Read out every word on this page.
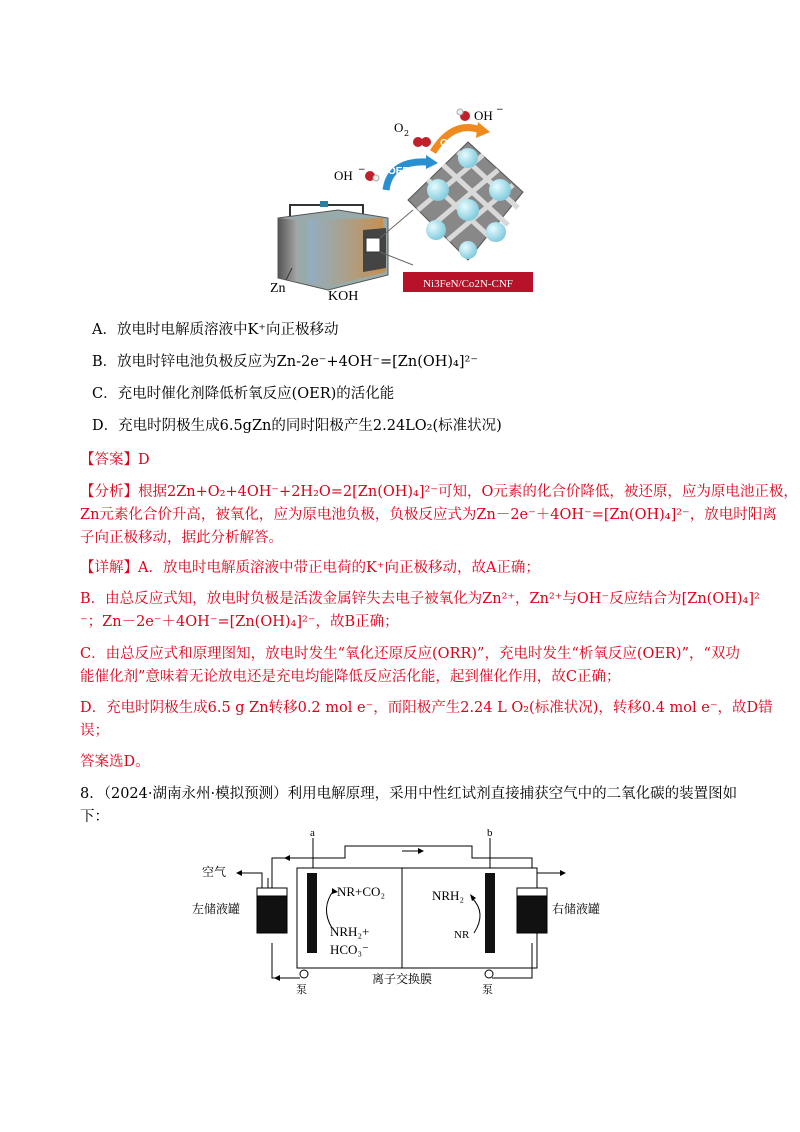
Ni3FeN/Co2N-CNF
OH −
O 2
OH −
ORR
OER
Zn
KOH
A．放电时电解质溶液中K⁺向正极移动
B．放电时锌电池负极反应为Zn-2e⁻+4OH⁻=[Zn(OH)₄]²⁻
C．充电时催化剂降低析氧反应(OER)的活化能
D．充电时阴极生成6.5gZn的同时阳极产生2.24LO₂(标准状况)
【答案】D
【分析】根据2Zn+O₂+4OH⁻+2H₂O=2[Zn(OH)₄]²⁻可知，O元素的化合价降低，被还原，应为原电池正极，
Zn元素化合价升高，被氧化，应为原电池负极，负极反应式为Zn－2e⁻＋4OH⁻=[Zn(OH)₄]²⁻，放电时阳离
子向正极移动，据此分析解答。
【详解】A．放电时电解质溶液中带正电荷的K⁺向正极移动，故A正确；
B．由总反应式知，放电时负极是活泼金属锌失去电子被氧化为Zn²⁺，Zn²⁺与OH⁻反应结合为[Zn(OH)₄]²
⁻；Zn－2e⁻＋4OH⁻=[Zn(OH)₄]²⁻，故B正确；
C．由总反应式和原理图知，放电时发生“氧化还原反应(ORR)”，充电时发生“析氧反应(OER)”，“双功
能催化剂”意味着无论放电还是充电均能降低反应活化能，起到催化作用，故C正确；
D．充电时阴极生成6.5 g Zn转移0.2 mol e⁻，而阳极产生2.24 L O₂(标准状况)，转移0.4 mol e⁻，故D错
误；
答案选D。
8．（2024·湖南永州·模拟预测）利用电解原理，采用中性红试剂直接捕获空气中的二氧化碳的装置图如
下：
a	b
NR+CO₂
NRH₂+
HCO₃⁻
NRH₂
NR
离子交换膜
泵	泵
空气
左储液罐	右储液罐
